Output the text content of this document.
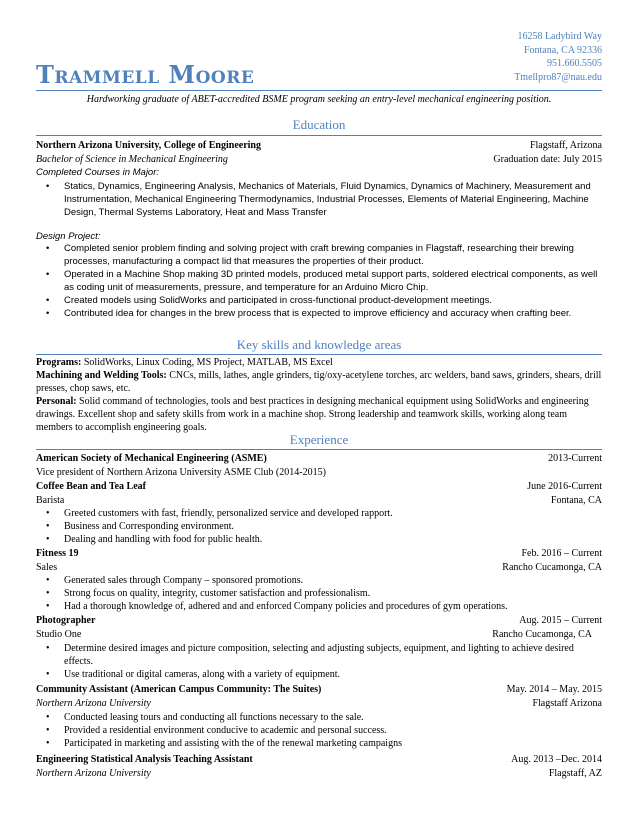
Trammell Moore
16258 Ladybird Way
Fontana, CA 92336
951.660.5505
Tmellpro87@nau.edu
Hardworking graduate of ABET-accredited BSME program seeking an entry-level mechanical engineering position.
Education
Northern Arizona University, College of Engineering	Flagstaff, Arizona
Bachelor of Science in Mechanical Engineering	Graduation date: July 2015
Completed Courses in Major:
• Statics, Dynamics, Engineering Analysis, Mechanics of Materials, Fluid Dynamics, Dynamics of Machinery, Measurement and Instrumentation, Mechanical Engineering Thermodynamics, Industrial Processes, Elements of Material Engineering, Machine Design, Thermal Systems Laboratory, Heat and Mass Transfer
Design Project:
• Completed senior problem finding and solving project with craft brewing companies in Flagstaff, researching their brewing processes, manufacturing a compact lid that measures the properties of their product.
• Operated in a Machine Shop making 3D printed models, produced metal support parts, soldered electrical components, as well as coding unit of measurements, pressure, and temperature for an Arduino Micro Chip.
• Created models using SolidWorks and participated in cross-functional product-development meetings.
• Contributed idea for changes in the brew process that is expected to improve efficiency and accuracy when crafting beer.
Key skills and knowledge areas
Programs: SolidWorks, Linux Coding, MS Project, MATLAB, MS Excel
Machining and Welding Tools: CNCs, mills, lathes, angle grinders, tig/oxy-acetylene torches, arc welders, band saws, grinders, shears, drill presses, chop saws, etc.
Personal: Solid command of technologies, tools and best practices in designing mechanical equipment using SolidWorks and engineering drawings. Excellent shop and safety skills from work in a machine shop. Strong leadership and teamwork skills, working along team members to accomplish engineering goals.
Experience
American Society of Mechanical Engineering (ASME)	2013-Current
Vice president of Northern Arizona University ASME Club (2014-2015)
Coffee Bean and Tea Leaf	June 2016-Current
Barista	Fontana, CA
• Greeted customers with fast, friendly, personalized service and developed rapport.
• Business and Corresponding environment.
• Dealing and handling with food for public health.
Fitness 19	Feb. 2016 – Current
Sales	Rancho Cucamonga, CA
• Generated sales through Company – sponsored promotions.
• Strong focus on quality, integrity, customer satisfaction and professionalism.
• Had a thorough knowledge of, adhered and and enforced Company policies and procedures of gym operations.
Photographer	Aug. 2015 – Current
Studio One	Rancho Cucamonga, CA
• Determine desired images and picture composition, selecting and adjusting subjects, equipment, and lighting to achieve desired effects.
• Use traditional or digital cameras, along with a variety of equipment.
Community Assistant (American Campus Community: The Suites)	May. 2014 – May. 2015
Northern Arizona University	Flagstaff Arizona
• Conducted leasing tours and conducting all functions necessary to the sale.
• Provided a residential environment conducive to academic and personal success.
• Participated in marketing and assisting with the of the renewal marketing campaigns
Engineering Statistical Analysis Teaching Assistant	Aug. 2013 –Dec. 2014
Northern Arizona University	Flagstaff, AZ
